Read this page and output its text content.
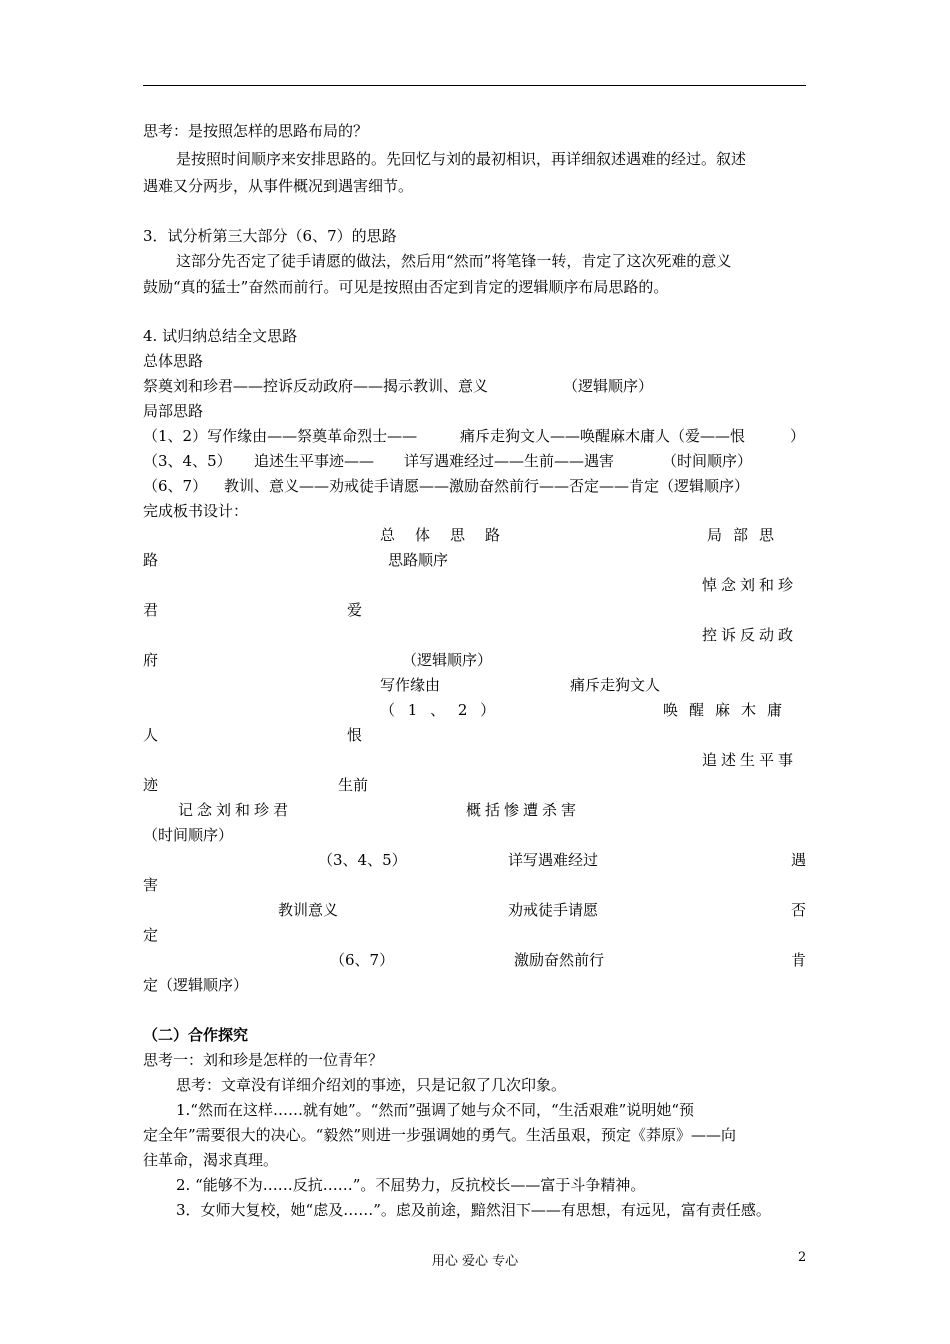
思考：是按照怎样的思路布局的？
是按照时间顺序来安排思路的。先回忆与刘的最初相识，再详细叙述遇难的经过。叙述
遇难又分两步，从事件概况到遇害细节。
3．试分析第三大部分（6、7）的思路
这部分先否定了徒手请愿的做法，然后用“然而”将笔锋一转，肯定了这次死难的意义
鼓励“真的猛士”奋然而前行。可见是按照由否定到肯定的逻辑顺序布局思路的。
4. 试归纳总结全文思路
总体思路
祭奠刘和珍君——控诉反动政府——揭示教训、意义	（逻辑顺序）
局部思路
（1、2）写作缘由——祭奠革命烈士——	痛斥走狗文人——唤醒麻木庸人（爱——恨	）
（3、4、5） 追述生平事迹—— 详写遇难经过——生前——遇害	（时间顺序）
（6、7） 教训、意义——劝戒徒手请愿——激励奋然前行——否定——肯定（逻辑顺序）
完成板书设计：
总体思路	局部思
路	思路顺序
悼念刘和珍
君	爱
控诉反动政
府	（逻辑顺序）
写作缘由	痛斥走狗文人
（ 1 、 2 ）	唤醒麻木庸
人	恨
追述生平事
迹	生前
记念刘和珍君	概括惨遭杀害
（时间顺序）
（3、4、5）	详写遇难经过	遇
害
教训意义	劝戒徒手请愿	否
定
（6、7）	激励奋然前行	肯
定（逻辑顺序）
（二）合作探究
思考一：刘和珍是怎样的一位青年？
思考：文章没有详细介绍刘的事迹，只是记叙了几次印象。
1.“然而在这样……就有她”。“然而”强调了她与众不同，“生活艰难”说明她“预
定全年”需要很大的决心。“毅然”则进一步强调她的勇气。生活虽艰，预定《莽原》——向
往革命，渴求真理。
2. “能够不为……反抗……”。不屈势力，反抗校长——富于斗争精神。
3．女师大复校，她“虑及……”。虑及前途，黯然泪下——有思想，有远见，富有责任感。
用心 爱心 专心	2
